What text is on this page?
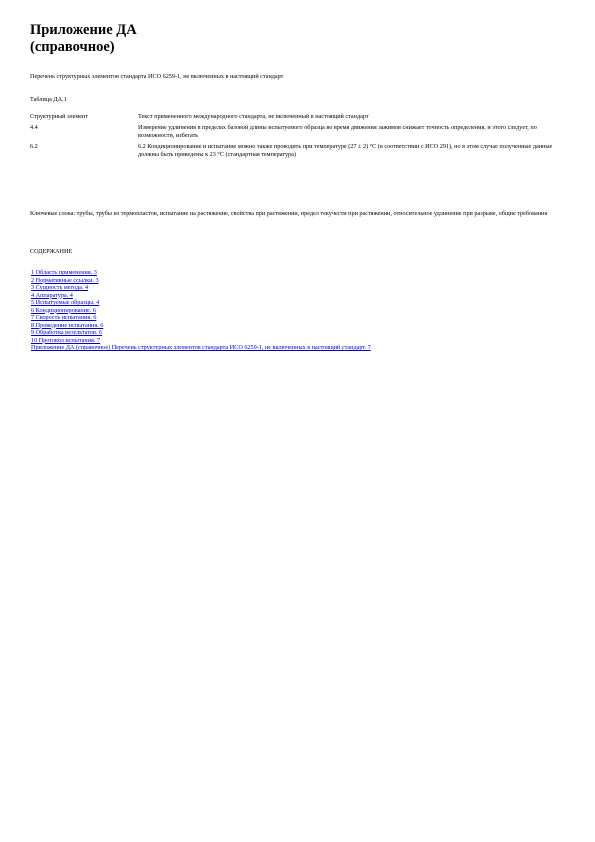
Приложение ДА
(справочное)
Перечень структурных элементов стандарта ИСО 6259-1, не включенных в настоящий стандарт
Таблица ДА.1
Структурный элемент	Текст примененного международного стандарта, не включенный в настоящий стандарт
4.4	Измерение удлинения в пределах базовой длины испытуемого образца во время движения зажимов снижает точность определения, и этого следует, по возможности, избегать
6.2	6.2 Кондиционирование и испытание можно также проводить при температуре (27 ± 2) °С (в соответствии с ИСО 291), но в этом случае полученные данные должны быть приведены к 23 °С (стандартная температура)
Ключевые слова: трубы, трубы из термопластов, испытание на растяжение, свойства при растяжении, предел текучести при растяжении, относительное удлинение при разрыве, общие требования
СОДЕРЖАНИЕ
1 Область применения. 3
2 Нормативные ссылки. 3
3 Сущность метода. 4
4 Аппаратура. 4
5 Испытуемые образцы. 4
6 Кондиционирование. 6
7 Скорость испытания. 6
8 Проведение испытания. 6
9 Обработка результатов. 6
10 Протокол испытания. 7
Приложение ДА (справочное) Перечень структурных элементов стандарта ИСО 6259-1, не включенных в настоящий стандарт. 7
